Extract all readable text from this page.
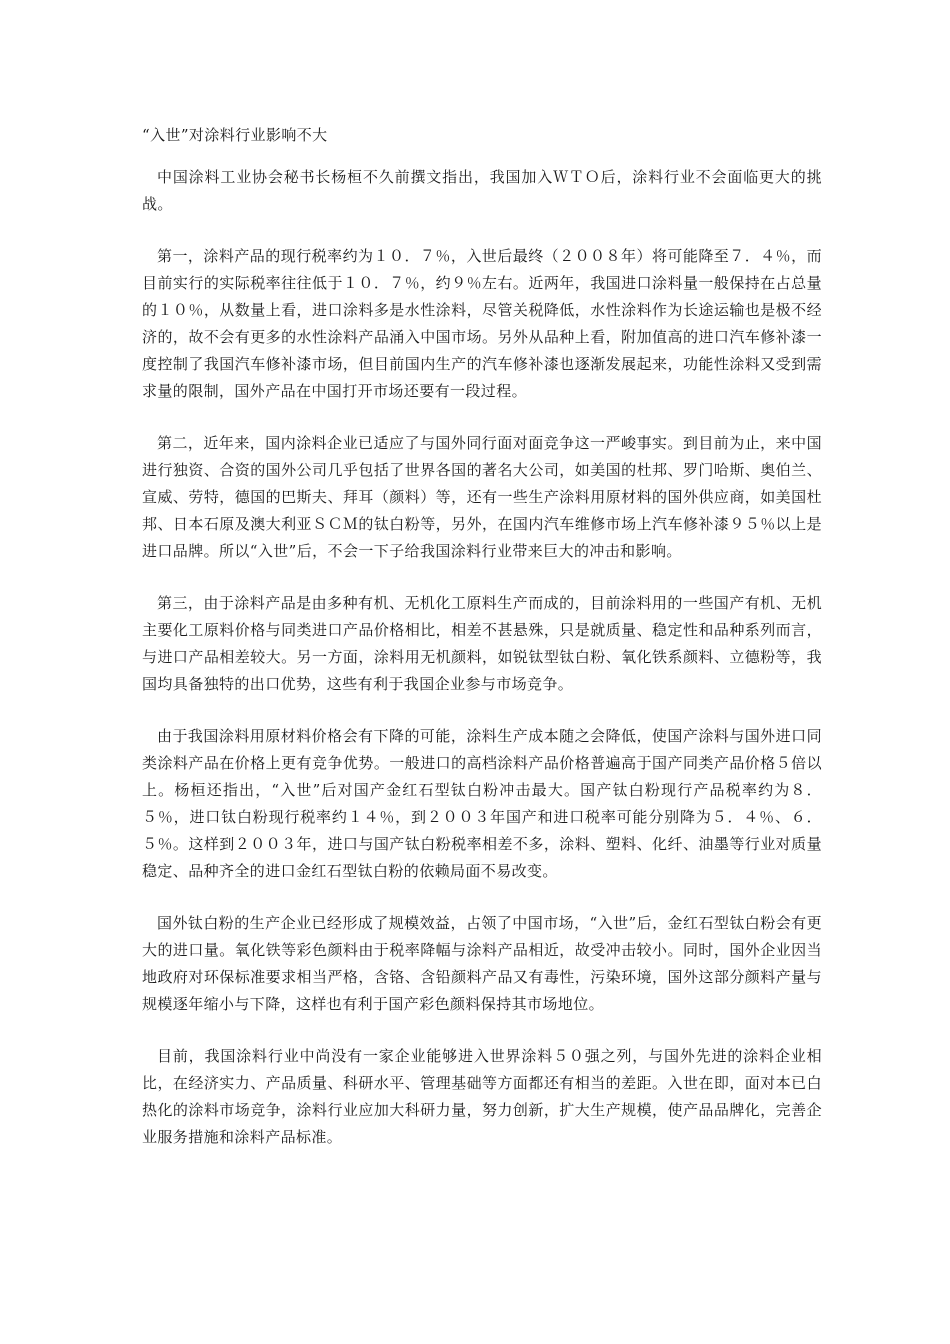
“入世”对涂料行业影响不大

中国涂料工业协会秘书长杨桓不久前撰文指出，我国加入ＷＴＯ后，涂料行业不会面临更大的挑战。

第一，涂料产品的现行税率约为１０．７％，入世后最终（２００８年）将可能降至７．４％，而目前实行的实际税率往往低于１０．７％，约９％左右。近两年，我国进口涂料量一般保持在占总量的１０％，从数量上看，进口涂料多是水性涂料，尽管关税降低，水性涂料作为长途运输也是极不经济的，故不会有更多的水性涂料产品涌入中国市场。另外从品种上看，附加值高的进口汽车修补漆一度控制了我国汽车修补漆市场，但目前国内生产的汽车修补漆也逐渐发展起来，功能性涂料又受到需求量的限制，国外产品在中国打开市场还要有一段过程。

第二，近年来，国内涂料企业已适应了与国外同行面对面竞争这一严峻事实。到目前为止，来中国进行独资、合资的国外公司几乎包括了世界各国的著名大公司，如美国的杜邦、罗门哈斯、奥伯兰、宣威、劳特，德国的巴斯夫、拜耳（颜料）等，还有一些生产涂料用原材料的国外供应商，如美国杜邦、日本石原及澳大利亚ＳＣＭ的钛白粉等，另外，在国内汽车维修市场上汽车修补漆９５％以上是进口品牌。所以“入世”后，不会一下子给我国涂料行业带来巨大的冲击和影响。

第三，由于涂料产品是由多种有机、无机化工原料生产而成的，目前涂料用的一些国产有机、无机主要化工原料价格与同类进口产品价格相比，相差不甚悬殊，只是就质量、稳定性和品种系列而言，与进口产品相差较大。另一方面，涂料用无机颜料，如锐钛型钛白粉、氧化铁系颜料、立德粉等，我国均具备独特的出口优势，这些有利于我国企业参与市场竞争。

由于我国涂料用原材料价格会有下降的可能，涂料生产成本随之会降低，使国产涂料与国外进口同类涂料产品在价格上更有竞争优势。一般进口的高档涂料产品价格普遍高于国产同类产品价格５倍以上。杨桓还指出，“入世”后对国产金红石型钛白粉冲击最大。国产钛白粉现行产品税率约为８．５％，进口钛白粉现行税率约１４％，到２００３年国产和进口税率可能分别降为５．４％、６．５％。这样到２００３年，进口与国产钛白粉税率相差不多，涂料、塑料、化纤、油墨等行业对质量稳定、品种齐全的进口金红石型钛白粉的依赖局面不易改变。

国外钛白粉的生产企业已经形成了规模效益，占领了中国市场，“入世”后，金红石型钛白粉会有更大的进口量。氧化铁等彩色颜料由于税率降幅与涂料产品相近，故受冲击较小。同时，国外企业因当地政府对环保标准要求相当严格，含铬、含铅颜料产品又有毒性，污染环境，国外这部分颜料产量与规模逐年缩小与下降，这样也有利于国产彩色颜料保持其市场地位。

目前，我国涂料行业中尚没有一家企业能够进入世界涂料５０强之列，与国外先进的涂料企业相比，在经济实力、产品质量、科研水平、管理基础等方面都还有相当的差距。入世在即，面对本已白热化的涂料市场竞争，涂料行业应加大科研力量，努力创新，扩大生产规模，使产品品牌化，完善企业服务措施和涂料产品标准。
